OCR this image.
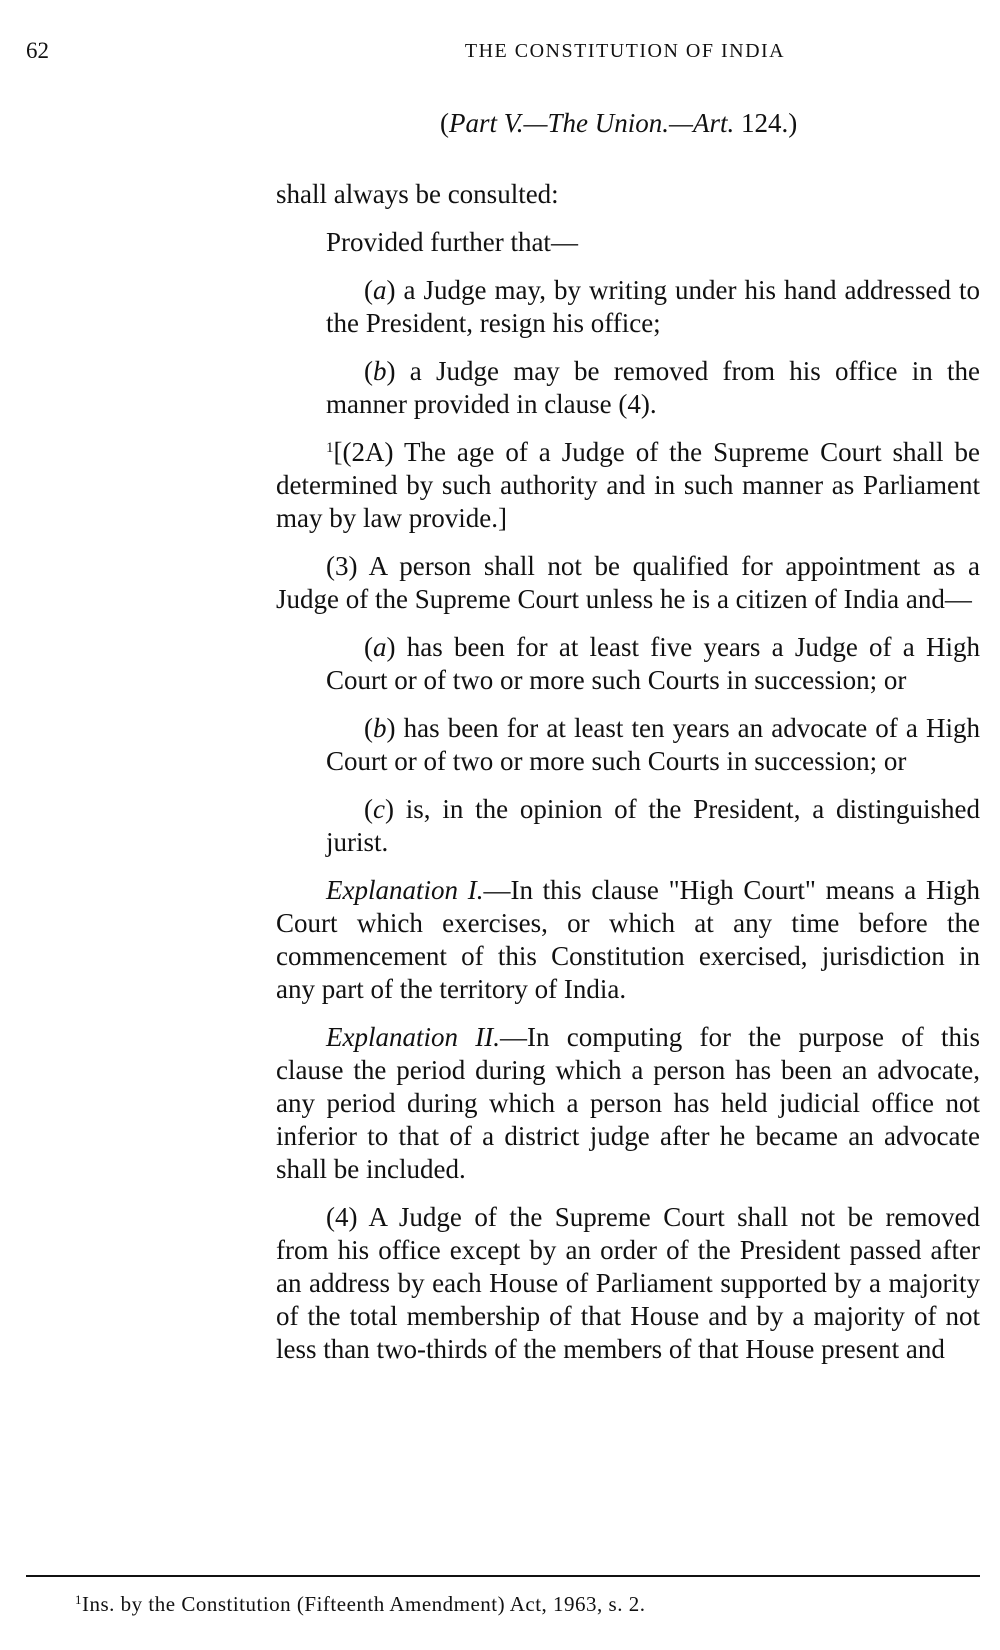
62	THE CONSTITUTION OF INDIA

(Part V.—The Union.—Art. 124.)

shall always be consulted:

Provided further that—

(a) a Judge may, by writing under his hand addressed to the President, resign his office;

(b) a Judge may be removed from his office in the manner provided in clause (4).

$^1$[(2A) The age of a Judge of the Supreme Court shall be determined by such authority and in such manner as Parliament may by law provide.]

(3) A person shall not be qualified for appointment as a Judge of the Supreme Court unless he is a citizen of India and—

(a) has been for at least five years a Judge of a High Court or of two or more such Courts in succession; or

(b) has been for at least ten years an advocate of a High Court or of two or more such Courts in succession; or

(c) is, in the opinion of the President, a distinguished jurist.

Explanation I.—In this clause "High Court" means a High Court which exercises, or which at any time before the commencement of this Constitution exercised, jurisdiction in any part of the territory of India.

Explanation II.—In computing for the purpose of this clause the period during which a person has been an advocate, any period during which a person has held judicial office not inferior to that of a district judge after he became an advocate shall be included.

(4) A Judge of the Supreme Court shall not be removed from his office except by an order of the President passed after an address by each House of Parliament supported by a majority of the total membership of that House and by a majority of not less than two-thirds of the members of that House present and

$^1$Ins. by the Constitution (Fifteenth Amendment) Act, 1963, s. 2.
